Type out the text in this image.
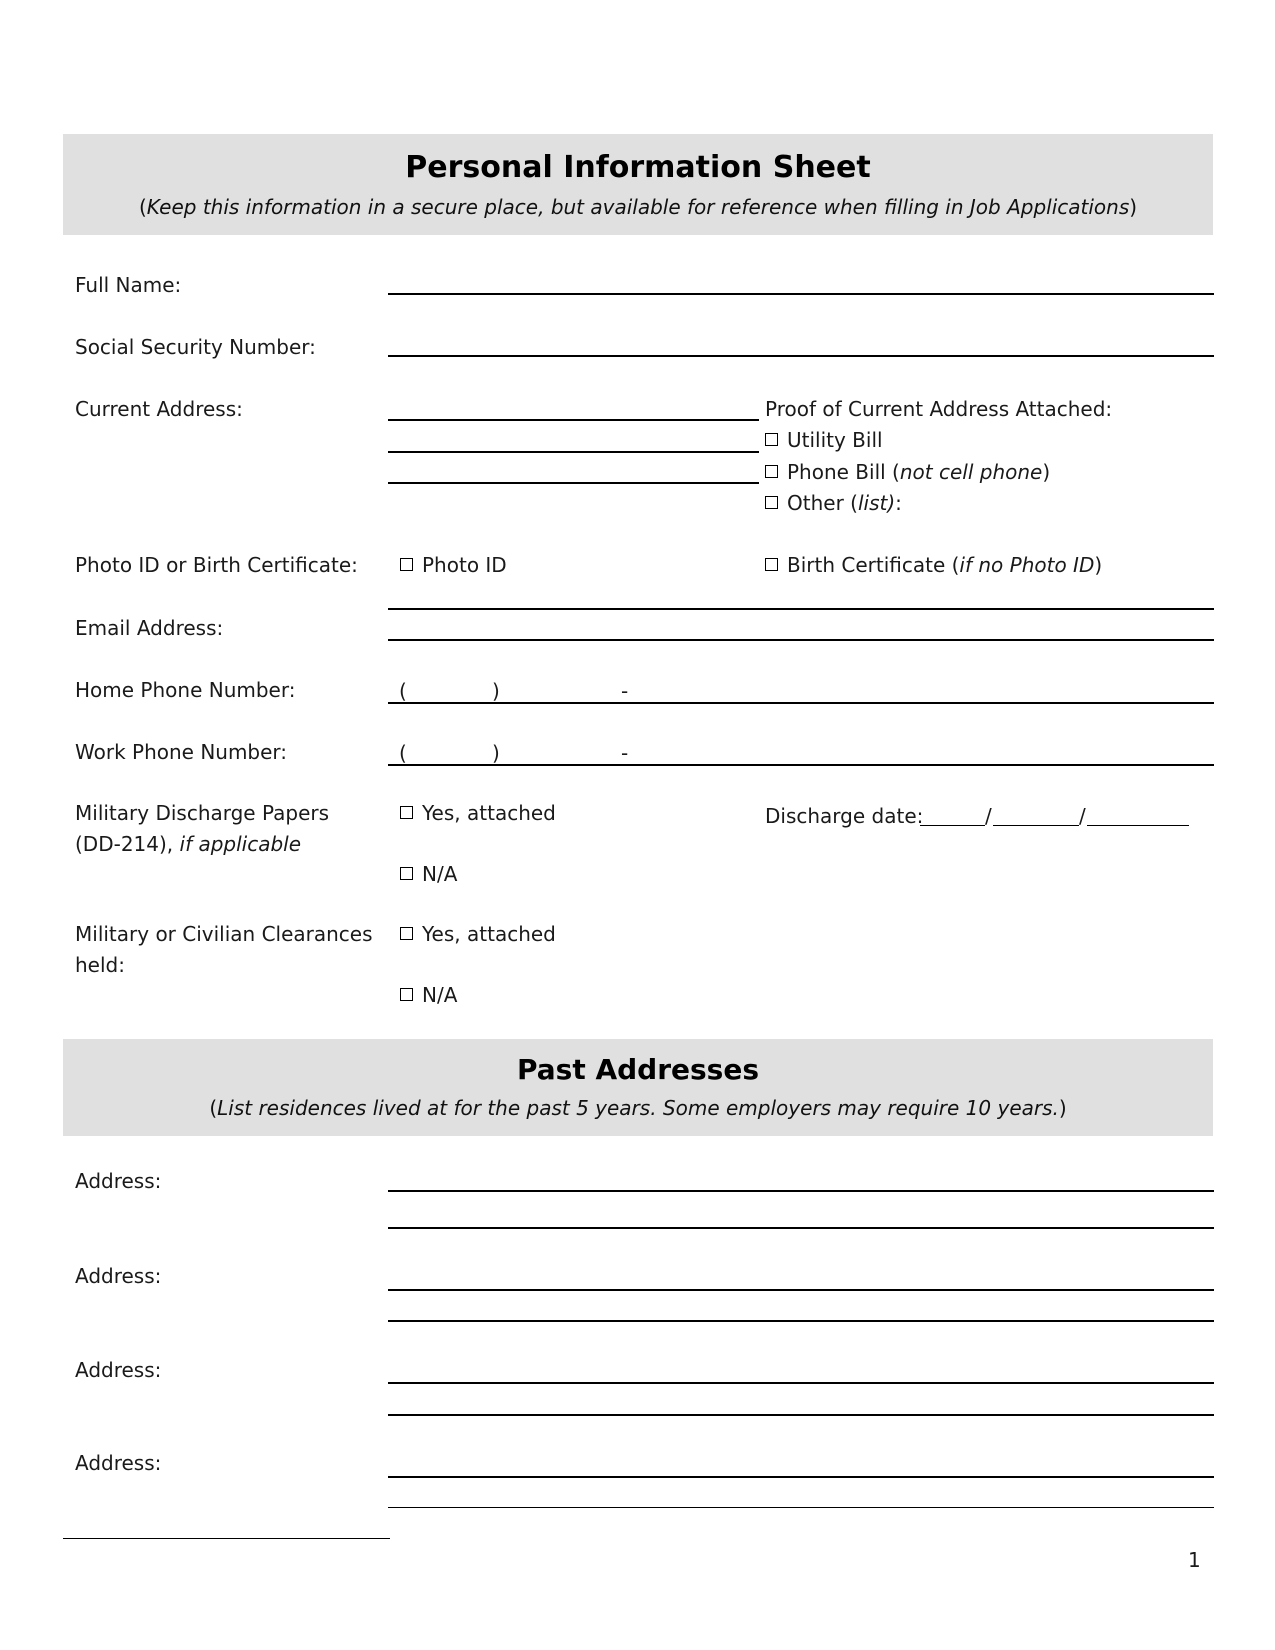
Personal Information Sheet
(Keep this information in a secure place, but available for reference when filling in Job Applications)
Full Name:
Social Security Number:
Current Address:	Proof of Current Address Attached:
Utility Bill
Phone Bill (not cell phone)
Other (list):
Photo ID or Birth Certificate:	Photo ID	Birth Certificate (if no Photo ID)
Email Address:
Home Phone Number:	(	)	-
Work Phone Number:	(	)	-
Military Discharge Papers
(DD-214), if applicable
Yes, attached
N/A
Discharge date:	/	/
Military or Civilian Clearances
held:
Yes, attached
N/A
Past Addresses
(List residences lived at for the past 5 years. Some employers may require 10 years.)
Address:
Address:
Address:
Address:
1
